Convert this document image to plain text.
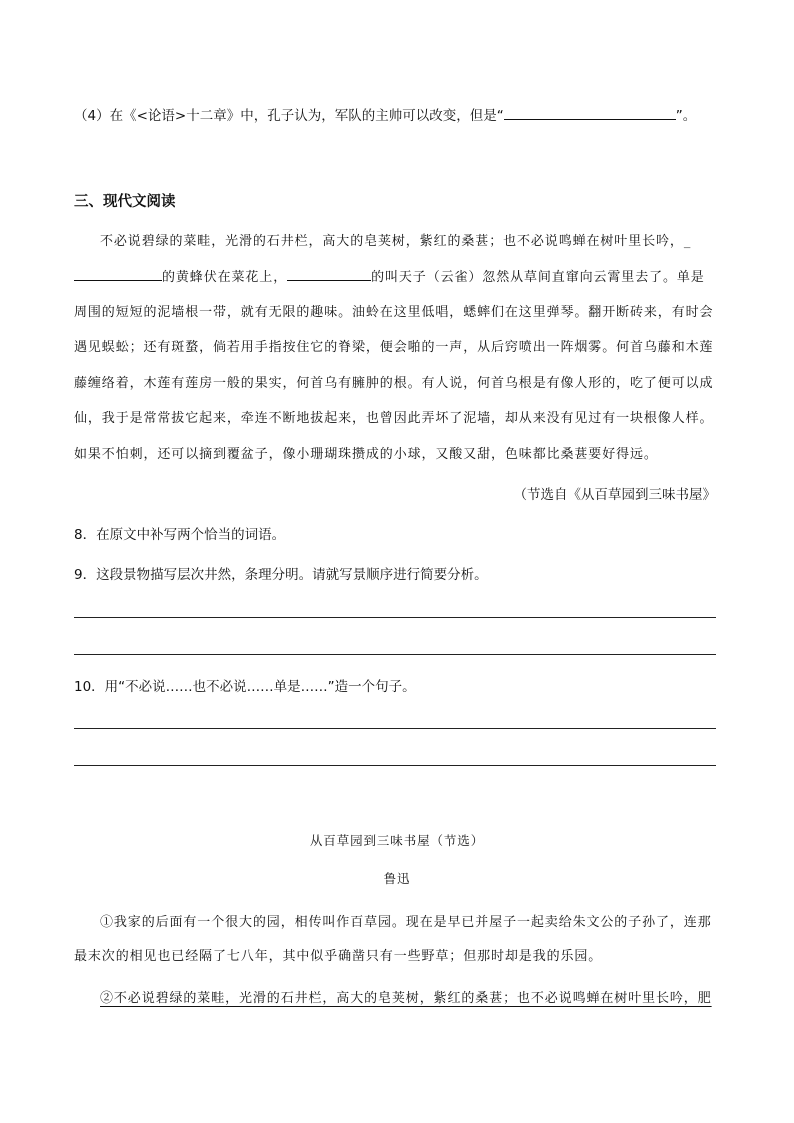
（4）在《<论语>十二章》中，孔子认为，军队的主帅可以改变，但是“	”。
三、现代文阅读
不必说碧绿的菜畦，光滑的石井栏，高大的皂荚树，紫红的桑葚；也不必说鸣蝉在树叶里长吟，_
的黄蜂伏在菜花上，	的叫天子（云雀）忽然从草间直窜向云霄里去了。单是
周围的短短的泥墙根一带，就有无限的趣味。油蛉在这里低唱，蟋蟀们在这里弹琴。翻开断砖来，有时会
遇见蜈蚣；还有斑蝥，倘若用手指按住它的脊梁，便会啪的一声，从后窍喷出一阵烟雾。何首乌藤和木莲
藤缠络着，木莲有莲房一般的果实，何首乌有臃肿的根。有人说，何首乌根是有像人形的，吃了便可以成
仙，我于是常常拔它起来，牵连不断地拔起来，也曾因此弄坏了泥墙，却从来没有见过有一块根像人样。
如果不怕刺，还可以摘到覆盆子，像小珊瑚珠攒成的小球，又酸又甜，色味都比桑葚要好得远。
（节选自《从百草园到三味书屋》
8．在原文中补写两个恰当的词语。
9．这段景物描写层次井然，条理分明。请就写景顺序进行简要分析。
10．用“不必说……也不必说……单是……”造一个句子。
从百草园到三味书屋（节选）
鲁迅
①我家的后面有一个很大的园，相传叫作百草园。现在是早已并屋子一起卖给朱文公的子孙了，连那
最末次的相见也已经隔了七八年，其中似乎确凿只有一些野草；但那时却是我的乐园。
②不必说碧绿的菜畦，光滑的石井栏，高大的皂荚树，紫红的桑葚；也不必说鸣蝉在树叶里长吟，肥
